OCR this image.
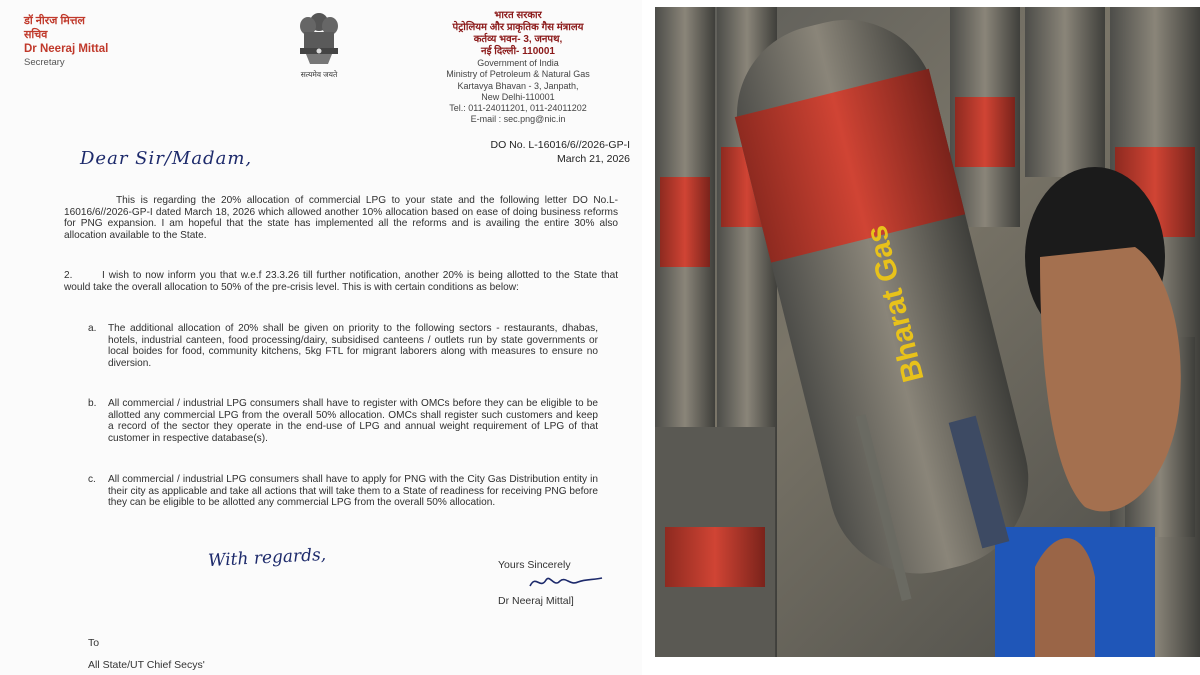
डॉ नीरज मित्तल
सचिव
Dr Neeraj Mittal
Secretary
सत्यमेव जयते
भारत सरकार
पेट्रोलियम और प्राकृतिक गैस मंत्रालय
कर्तव्य भवन- 3, जनपथ,
नई दिल्ली- 110001
Government of India
Ministry of Petroleum & Natural Gas
Kartavya Bhavan - 3, Janpath,
New Delhi-110001
Tel.: 011-24011201, 011-24011202
E-mail : sec.png@nic.in
DO No. L-16016/6//2026-GP-I
March 21, 2026
Dear Sir/Madam,
This is regarding the 20% allocation of commercial LPG to your state and the following letter DO No.L-16016/6//2026-GP-I dated March 18, 2026 which allowed another 10% allocation based on ease of doing business reforms for PNG expansion. I am hopeful that the state has implemented all the reforms and is availing the entire 30% also allocation available to the State.
2.	I wish to now inform you that w.e.f 23.3.26 till further notification, another 20% is being allotted to the State that would take the overall allocation to 50% of the pre-crisis level. This is with certain conditions as below:
a.	The additional allocation of 20% shall be given on priority to the following sectors - restaurants, dhabas, hotels, industrial canteen, food processing/dairy, subsidised canteens / outlets run by state governments or local boides for food, community kitchens, 5kg FTL for migrant laborers along with measures to ensure no diversion.
b.	All commercial / industrial LPG consumers shall have to register with OMCs before they can be eligible to be allotted any commercial LPG from the overall 50% allocation. OMCs shall register such customers and keep a record of the sector they operate in the end-use of LPG and annual weight requirement of LPG of that customer in respective database(s).
c.	All commercial / industrial LPG consumers shall have to apply for PNG with the City Gas Distribution entity in their city as applicable and take all actions that will take them to a State of readiness for receiving PNG before they can be eligible to be allotted any commercial LPG from the overall 50% allocation.
With regards,	Yours Sincerely
Dr Neeraj Mittal]
To
All State/UT Chief Secys'
Bharat Gas
